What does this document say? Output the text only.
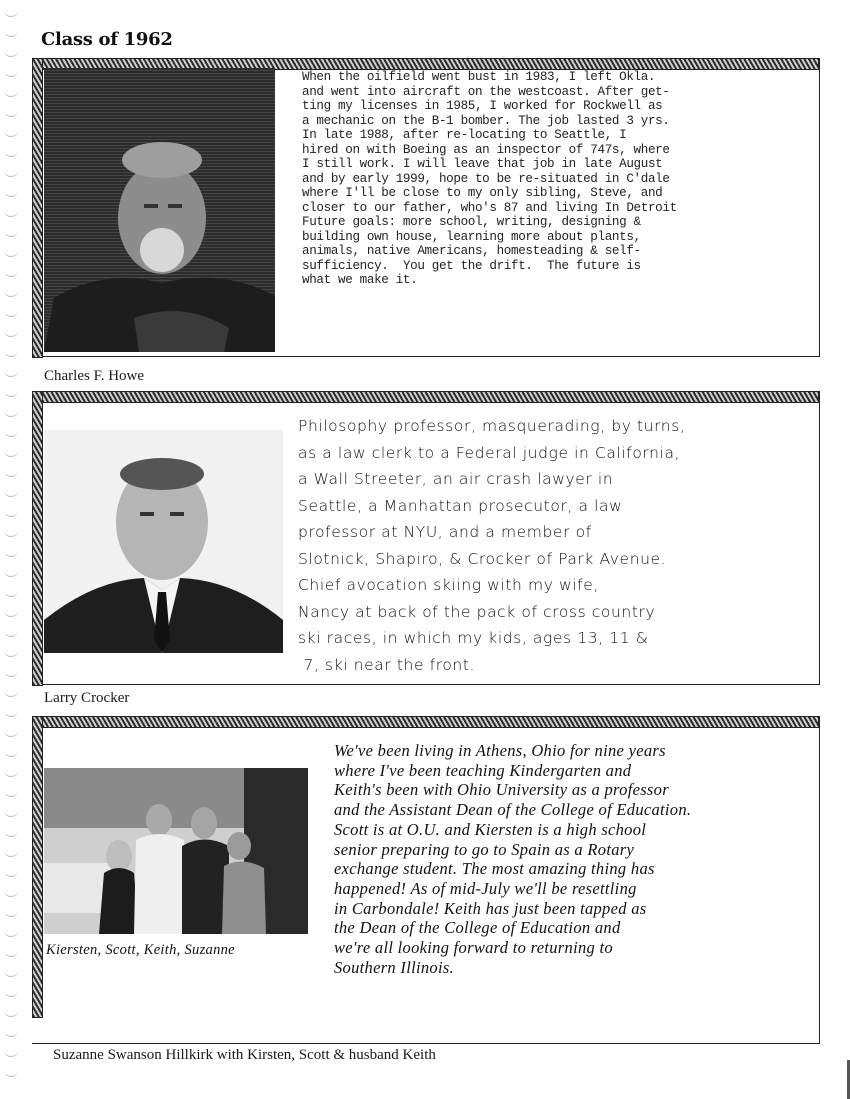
Class of 1962
When the oilfield went bust in 1983, I left Okla.
and went into aircraft on the westcoast. After get-
ting my licenses in 1985, I worked for Rockwell as
a mechanic on the B-1 bomber. The job lasted 3 yrs.
In late 1988, after re-locating to Seattle, I
hired on with Boeing as an inspector of 747s, where
I still work. I will leave that job in late August
and by early 1999, hope to be re-situated in C'dale
where I'll be close to my only sibling, Steve, and
closer to our father, who's 87 and living In Detroit
Future goals: more school, writing, designing &
building own house, learning more about plants,
animals, native Americans, homesteading & self-
sufficiency.  You get the drift.  The future is
what we make it.
Charles F. Howe
Philosophy professor, masquerading, by turns,
as a law clerk to a Federal judge in California,
a Wall Streeter, an air crash lawyer in
Seattle, a Manhattan prosecutor, a law
professor at NYU, and a member of
Slotnick, Shapiro, & Crocker of Park Avenue.
Chief avocation skiing with my wife,
Nancy at back of the pack of cross country
ski races, in which my kids, ages 13, 11 &
7, ski near the front.
Larry Crocker
Kiersten, Scott, Keith, Suzanne
We've been living in Athens, Ohio for nine years
where I've been teaching Kindergarten and
Keith's been with Ohio University as a professor
and the Assistant Dean of the College of Education.
Scott is at O.U. and Kiersten is a high school
senior preparing to go to Spain as a Rotary
exchange student. The most amazing thing has
happened! As of mid-July we'll be resettling
in Carbondale! Keith has just been tapped as
the Dean of the College of Education and
we're all looking forward to returning to
Southern Illinois.
Suzanne Swanson Hillkirk with Kirsten, Scott & husband Keith
